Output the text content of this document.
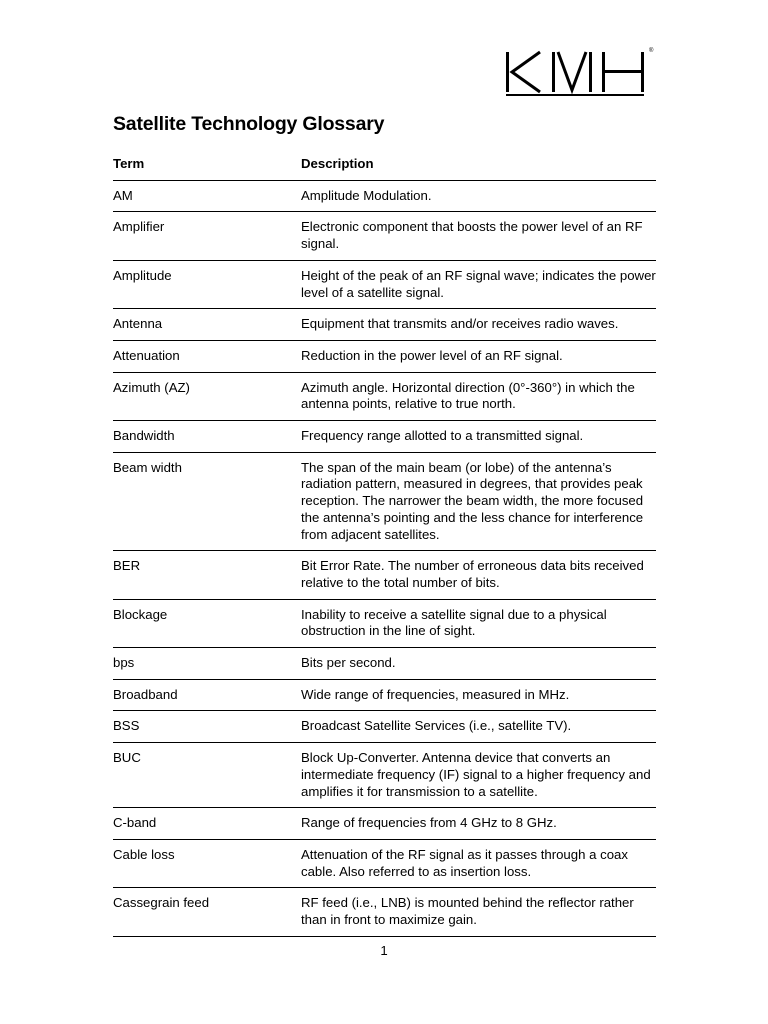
®
Satellite Technology Glossary
Term	Description
AM	Amplitude Modulation.
Amplifier	Electronic component that boosts the power level of an RF signal.
Amplitude	Height of the peak of an RF signal wave; indicates the power level of a satellite signal.
Antenna	Equipment that transmits and/or receives radio waves.
Attenuation	Reduction in the power level of an RF signal.
Azimuth (AZ)	Azimuth angle. Horizontal direction (0°-360°) in which the antenna points, relative to true north.
Bandwidth	Frequency range allotted to a transmitted signal.
Beam width	The span of the main beam (or lobe) of the antenna’s radiation pattern, measured in degrees, that provides peak reception. The narrower the beam width, the more focused the antenna’s pointing and the less chance for interference from adjacent satellites.
BER	Bit Error Rate. The number of erroneous data bits received relative to the total number of bits.
Blockage	Inability to receive a satellite signal due to a physical obstruction in the line of sight.
bps	Bits per second.
Broadband	Wide range of frequencies, measured in MHz.
BSS	Broadcast Satellite Services (i.e., satellite TV).
BUC	Block Up-Converter. Antenna device that converts an intermediate frequency (IF) signal to a higher frequency and amplifies it for transmission to a satellite.
C-band	Range of frequencies from 4 GHz to 8 GHz.
Cable loss	Attenuation of the RF signal as it passes through a coax cable. Also referred to as insertion loss.
Cassegrain feed	RF feed (i.e., LNB) is mounted behind the reflector rather than in front to maximize gain.
1
